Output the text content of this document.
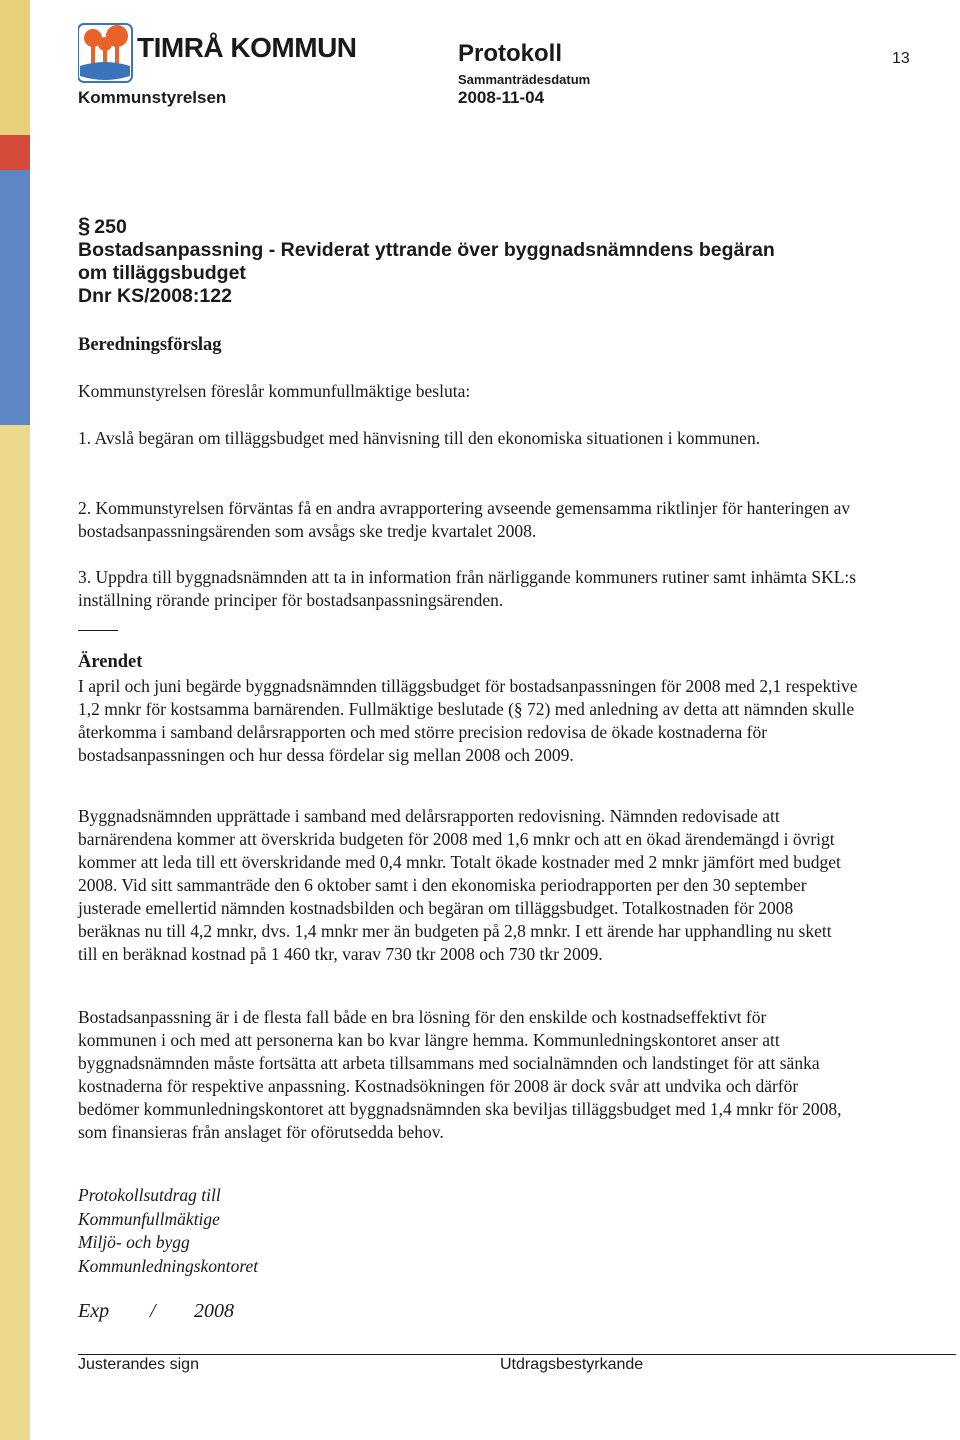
TIMRÅ KOMMUN
Kommunstyrelsen
Protokoll
Sammanträdesdatum
2008-11-04
13
§ 250
Bostadsanpassning - Reviderat yttrande över byggnadsnämndens begäran
om tilläggsbudget
Dnr KS/2008:122
Beredningsförslag
Kommunstyrelsen föreslår kommunfullmäktige besluta:
1. Avslå begäran om tilläggsbudget med hänvisning till den ekonomiska situationen i kommunen.
2. Kommunstyrelsen förväntas få en andra avrapportering avseende gemensamma riktlinjer för hanteringen av bostadsanpassningsärenden som avsågs ske tredje kvartalet 2008.
3. Uppdra till byggnadsnämnden att ta in information från närliggande kommuners rutiner samt inhämta SKL:s inställning rörande principer för bostadsanpassningsärenden.
Ärendet
I april och juni begärde byggnadsnämnden tilläggsbudget för bostadsanpassningen för 2008 med 2,1 respektive 1,2 mnkr för kostsamma barnärenden. Fullmäktige beslutade (§ 72) med anledning av detta att nämnden skulle återkomma i samband delårsrapporten och med större precision redovisa de ökade kostnaderna för bostadsanpassningen och hur dessa fördelar sig mellan 2008 och 2009.
Byggnadsnämnden upprättade i samband med delårsrapporten redovisning. Nämnden redovisade att barnärendena kommer att överskrida budgeten för 2008 med 1,6 mnkr och att en ökad ärendemängd i övrigt kommer att leda till ett överskridande med 0,4 mnkr. Totalt ökade kostnader med 2 mnkr jämfört med budget 2008. Vid sitt sammanträde den 6 oktober samt i den ekonomiska periodrapporten per den 30 september justerade emellertid nämnden kostnadsbilden och begäran om tilläggsbudget. Totalkostnaden för 2008 beräknas nu till 4,2 mnkr, dvs. 1,4 mnkr mer än budgeten på 2,8 mnkr. I ett ärende har upphandling nu skett till en beräknad kostnad på 1 460 tkr, varav 730 tkr 2008 och 730 tkr 2009.
Bostadsanpassning är i de flesta fall både en bra lösning för den enskilde och kostnadseffektivt för kommunen i och med att personerna kan bo kvar längre hemma. Kommunledningskontoret anser att byggnadsnämnden måste fortsätta att arbeta tillsammans med socialnämnden och landstinget för att sänka kostnaderna för respektive anpassning. Kostnadsökningen för 2008 är dock svår att undvika och därför bedömer kommunledningskontoret att byggnadsnämnden ska beviljas tilläggsbudget med 1,4 mnkr för 2008, som finansieras från anslaget för oförutsedda behov.
Protokollsutdrag till
Kommunfullmäktige
Miljö- och bygg
Kommunledningskontoret
Exp / 2008
Justerandes sign	Utdragsbestyrkande
